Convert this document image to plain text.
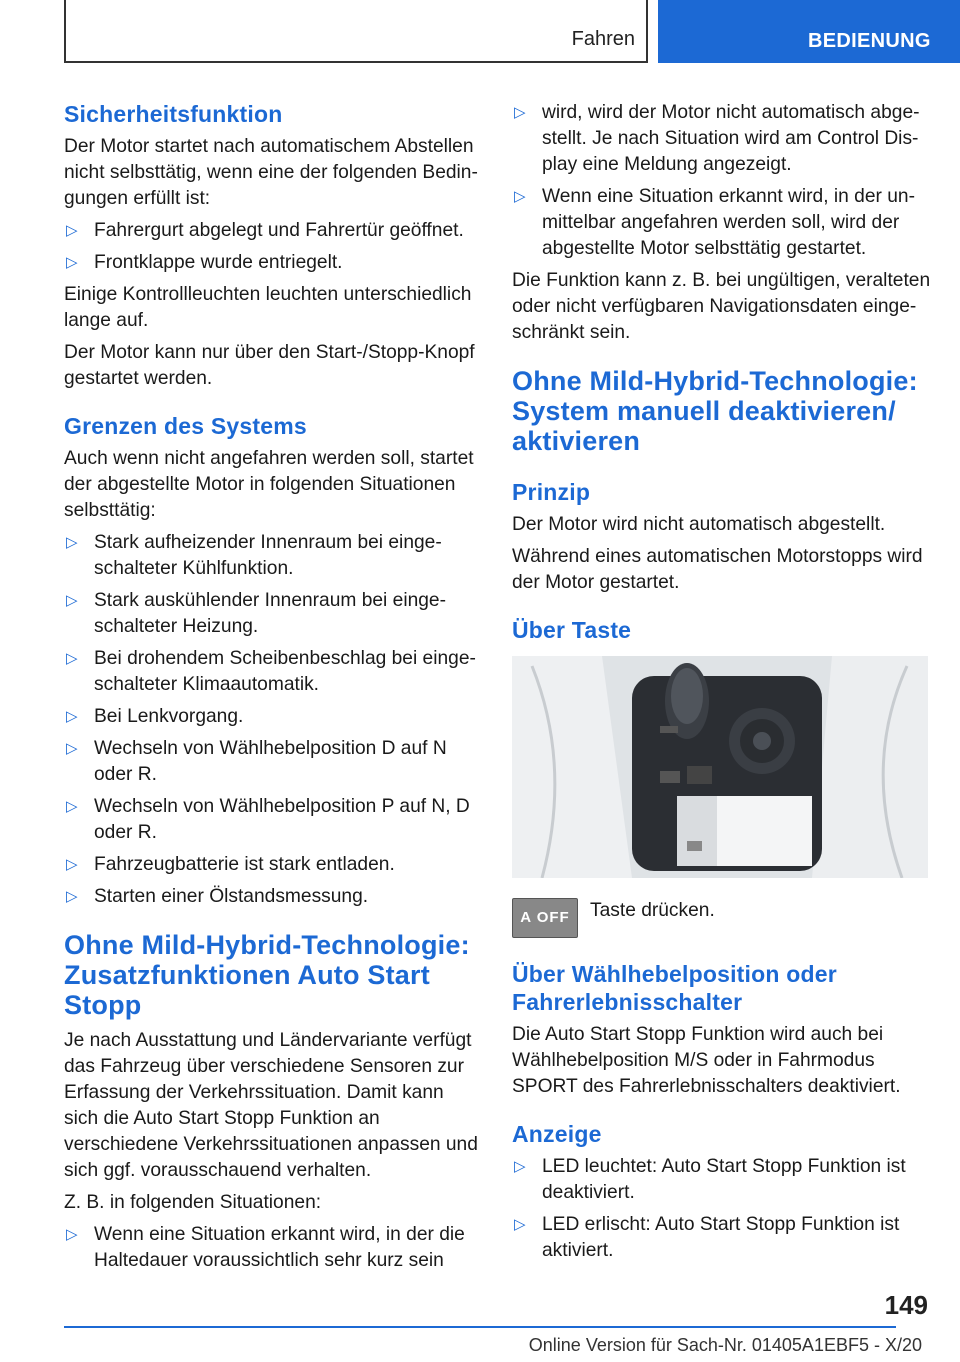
Fahren	BEDIENUNG
Sicherheitsfunktion

Der Motor startet nach automatischem Abstellen nicht selbsttätig, wenn eine der folgenden Bedingungen erfüllt ist:

▷ Fahrergurt abgelegt und Fahrertür geöffnet.
▷ Frontklappe wurde entriegelt.

Einige Kontrollleuchten leuchten unterschiedlich lange auf.

Der Motor kann nur über den Start-/Stopp-Knopf gestartet werden.

Grenzen des Systems

Auch wenn nicht angefahren werden soll, startet der abgestellte Motor in folgenden Situationen selbsttätig:

▷ Stark aufheizender Innenraum bei eingeschalteter Kühlfunktion.
▷ Stark auskühlender Innenraum bei eingeschalteter Heizung.
▷ Bei drohendem Scheibenbeschlag bei eingeschalteter Klimaautomatik.
▷ Bei Lenkvorgang.
▷ Wechseln von Wählhebelposition D auf N oder R.
▷ Wechseln von Wählhebelposition P auf N, D oder R.
▷ Fahrzeugbatterie ist stark entladen.
▷ Starten einer Ölstandsmessung.
Ohne Mild-Hybrid-Technologie: Zusatzfunktionen Auto Start Stopp

Je nach Ausstattung und Ländervariante verfügt das Fahrzeug über verschiedene Sensoren zur Erfassung der Verkehrssituation. Damit kann sich die Auto Start Stopp Funktion an verschiedene Verkehrssituationen anpassen und sich ggf. vorausschauend verhalten.

Z. B. in folgenden Situationen:

▷ Wenn eine Situation erkannt wird, in der die Haltedauer voraussichtlich sehr kurz sein
▷ wird, wird der Motor nicht automatisch abgestellt. Je nach Situation wird am Control Display eine Meldung angezeigt.
▷ Wenn eine Situation erkannt wird, in der unmittelbar angefahren werden soll, wird der abgestellte Motor selbsttätig gestartet.

Die Funktion kann z. B. bei ungültigen, veralteten oder nicht verfügbaren Navigationsdaten eingeschränkt sein.

Ohne Mild-Hybrid-Technologie: System manuell deaktivieren/ aktivieren
Prinzip

Der Motor wird nicht automatisch abgestellt.

Während eines automatischen Motorstopps wird der Motor gestartet.

Über Taste
A OFF	Taste drücken.
Über Wählhebelposition oder Fahrerlebnisschalter

Die Auto Start Stopp Funktion wird auch bei Wählhebelposition M/S oder in Fahrmodus SPORT des Fahrerlebnisschalters deaktiviert.

Anzeige
▷ LED leuchtet: Auto Start Stopp Funktion ist deaktiviert.
▷ LED erlischt: Auto Start Stopp Funktion ist aktiviert.
149
Online Version für Sach-Nr. 01405A1EBF5 - X/20
